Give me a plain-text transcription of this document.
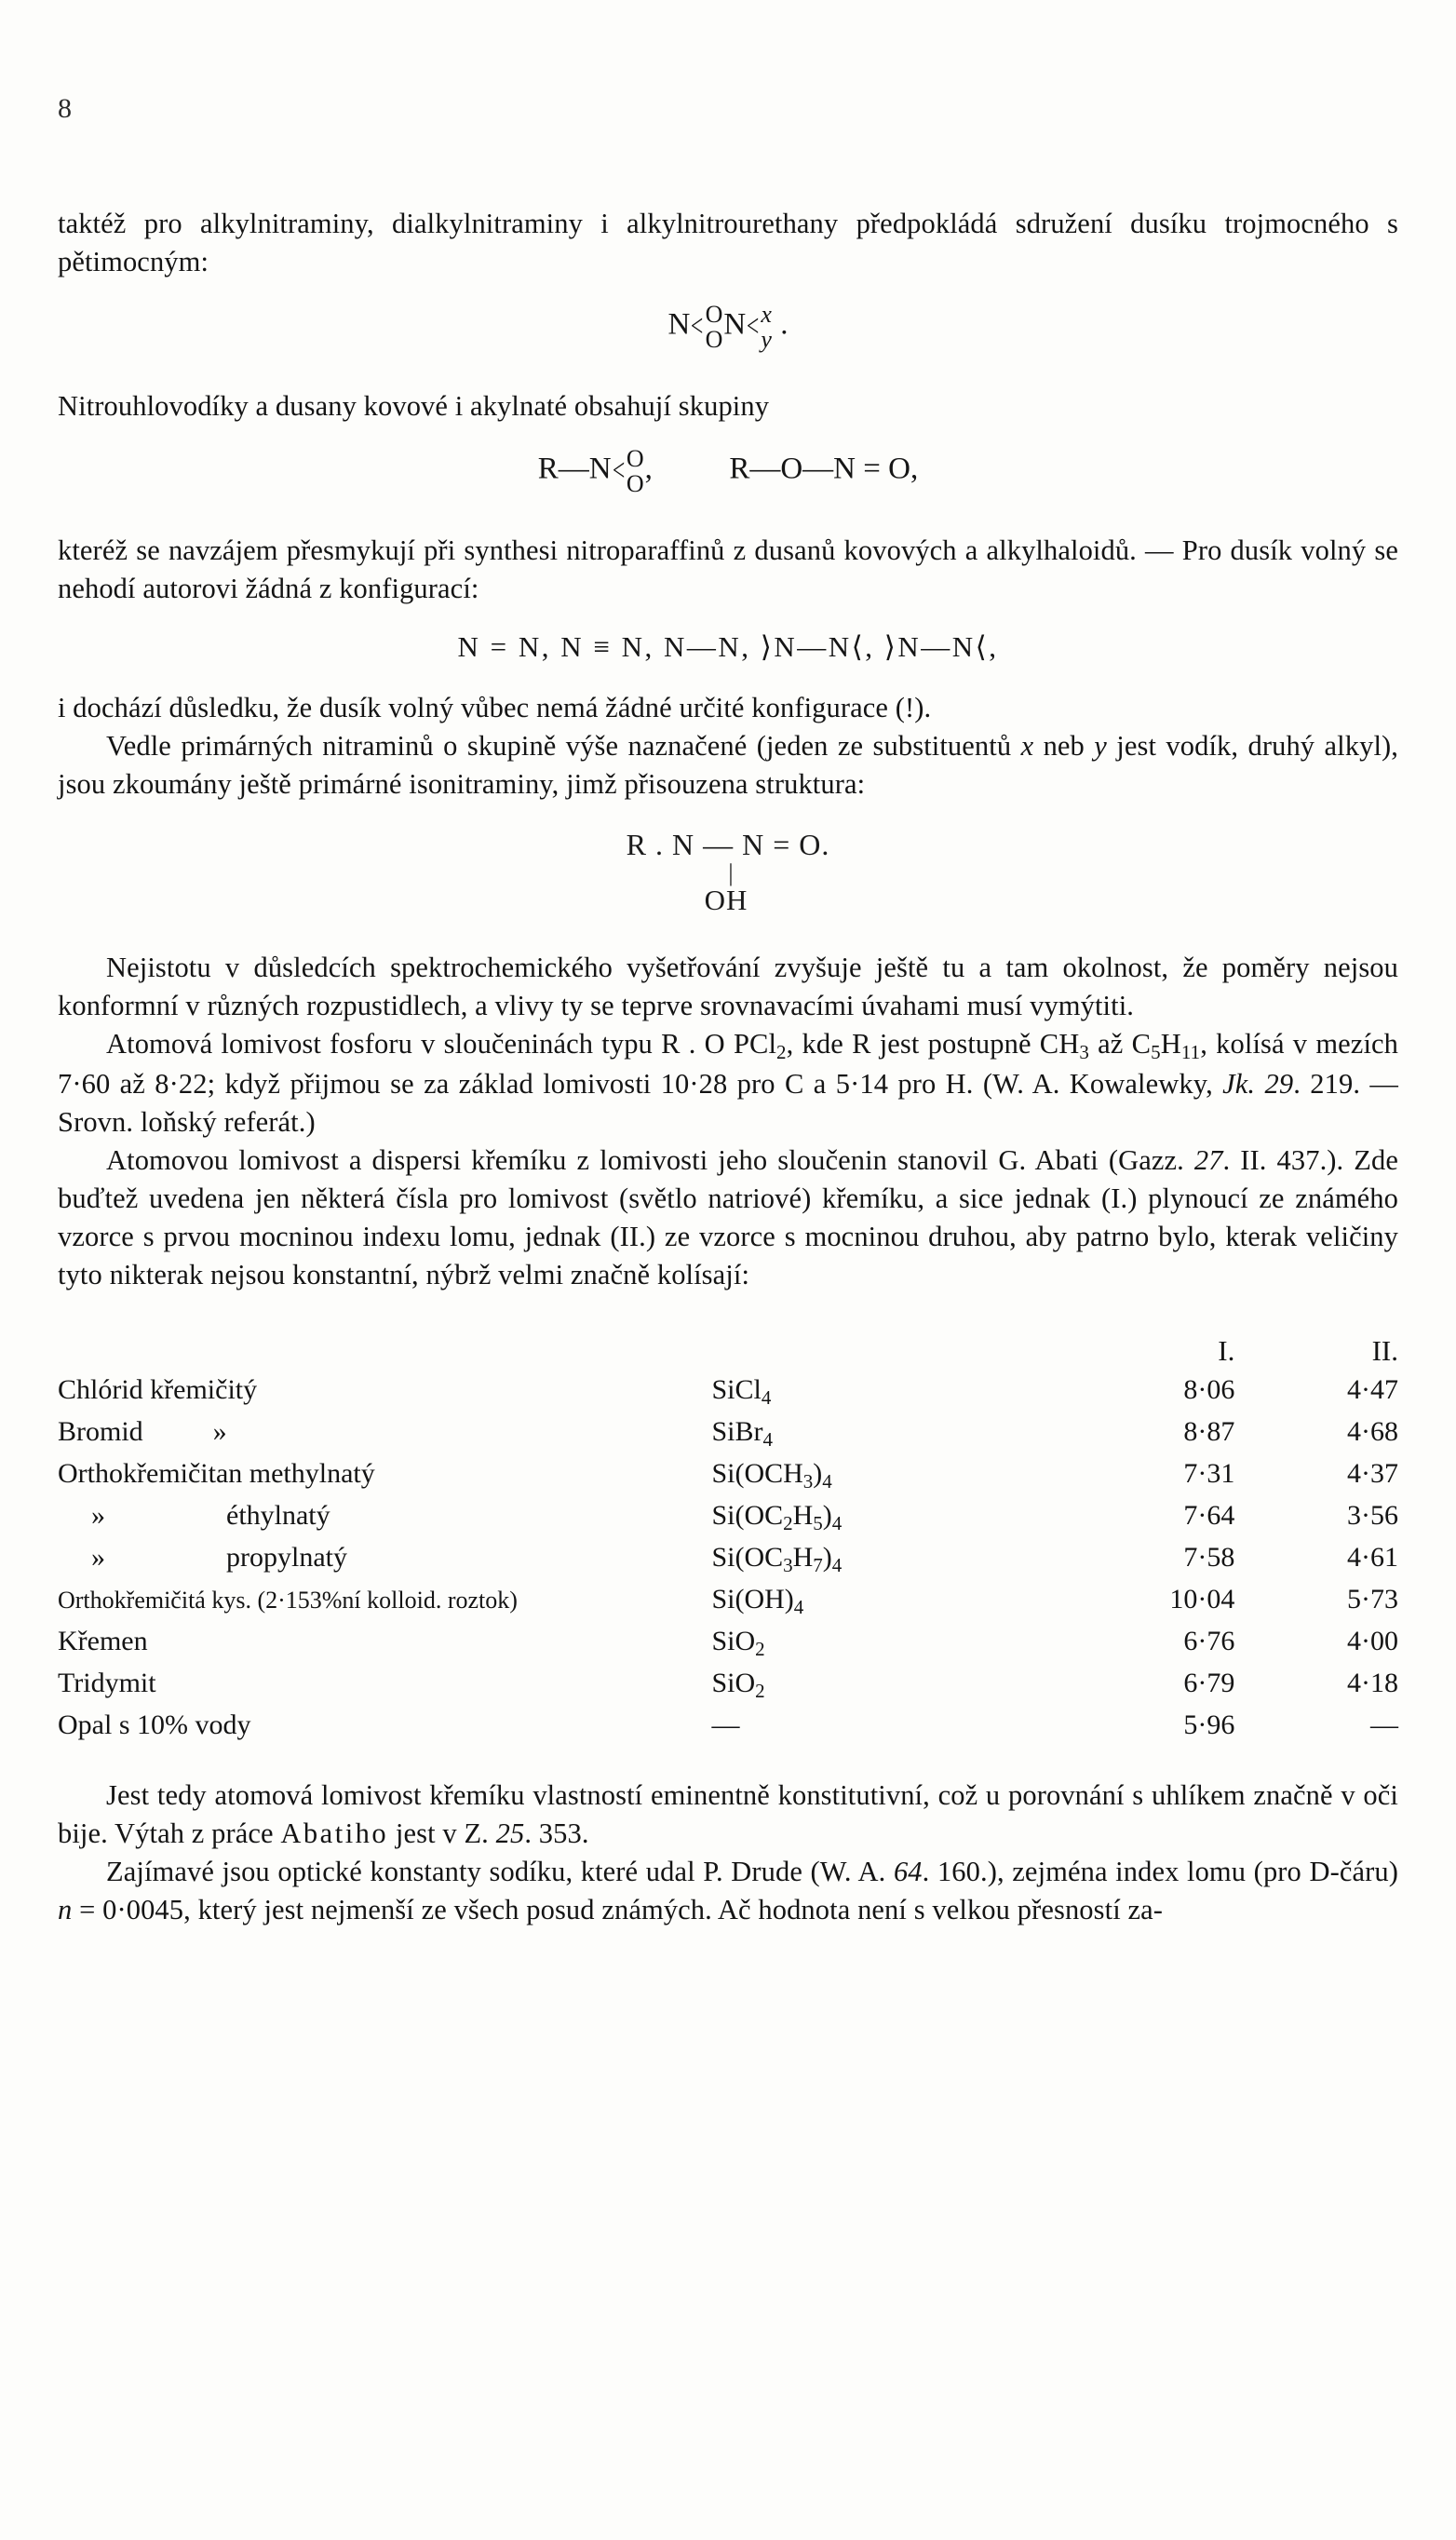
8

taktéž pro alkylnitraminy, dialkylnitraminy i alkylnitrourethany předpokládá sdružení dusíku trojmocného s pětimocným:

N< O
O N< x
y .

Nitrouhlovodíky a dusany kovové i akylnaté obsahují skupiny

R—N< O
O ,	R—O—N = O,

kteréž se navzájem přesmykují při synthesi nitroparaffinů z dusanů kovových a alkylhaloidů. — Pro dusík volný se nehodí autorovi žádná z konfigurací:

N = N, N ≡ N, N—N, ⟩N—N⟨, ⟩N—N⟨,

i dochází důsledku, že dusík volný vůbec nemá žádné určité konfigurace (!).

Vedle primárných nitraminů o skupině výše naznačené (jeden ze substituentů x neb y jest vodík, druhý alkyl), jsou zkoumány ještě primárné isonitraminy, jimž přisouzena struktura:

R . N — N = O.
|
OH

Nejistotu v důsledcích spektrochemického vyšetřování zvyšuje ještě tu a tam okolnost, že poměry nejsou konformní v různých rozpustidlech, a vlivy ty se teprve srovnavacími úvahami musí vymýtiti.

Atomová lomivost fosforu v sloučeninách typu R . O PCl2, kde R jest postupně CH3 až C5H11, kolísá v mezích 7·60 až 8·22; když přijmou se za základ lomivosti 10·28 pro C a 5·14 pro H. (W. A. Kowalewky, Jk. 29. 219. — Srovn. loňský referát.)

Atomovou lomivost a dispersi křemíku z lomivosti jeho sloučenin stanovil G. Abati (Gazz. 27. II. 437.). Zde buďtež uvedena jen některá čísla pro lomivost (světlo natriové) křemíku, a sice jednak (I.) plynoucí ze známého vzorce s prvou mocninou indexu lomu, jednak (II.) ze vzorce s mocninou druhou, aby patrno bylo, kterak veličiny tyto nikterak nejsou konstantní, nýbrž velmi značně kolísají:

		I.	II.
Chlórid křemičitý	SiCl$_4$	8·06	4·47
Bromid »	SiBr$_4$	8·87	4·68
Orthokřemičitan methylnatý	$Si(OCH_3)_4$	7·31	4·37
» éthylnatý	$Si(OC_2H_5)_4$	7·64	3·56
» propylnatý	$Si(OC_3H_7)_4$	7·58	4·61
Orthokřemičitá kys. (2·153%ní kolloid. roztok)	$Si(OH)_4$	10·04	5·73
Křemen	SiO$_2$	6·76	4·00
Tridymit	SiO$_2$	6·79	4·18
Opal s 10% vody	—	5·96	—

Jest tedy atomová lomivost křemíku vlastností eminentně konstitutivní, což u porovnání s uhlíkem značně v oči bije. Výtah z práce Abatiho jest v Z. 25. 353.

Zajímavé jsou optické konstanty sodíku, které udal P. Drude (W. A. 64. 160.), zejména index lomu (pro D-čáru) n = 0·0045, který jest nejmenší ze všech posud známých. Ač hodnota není s velkou přesností za-
